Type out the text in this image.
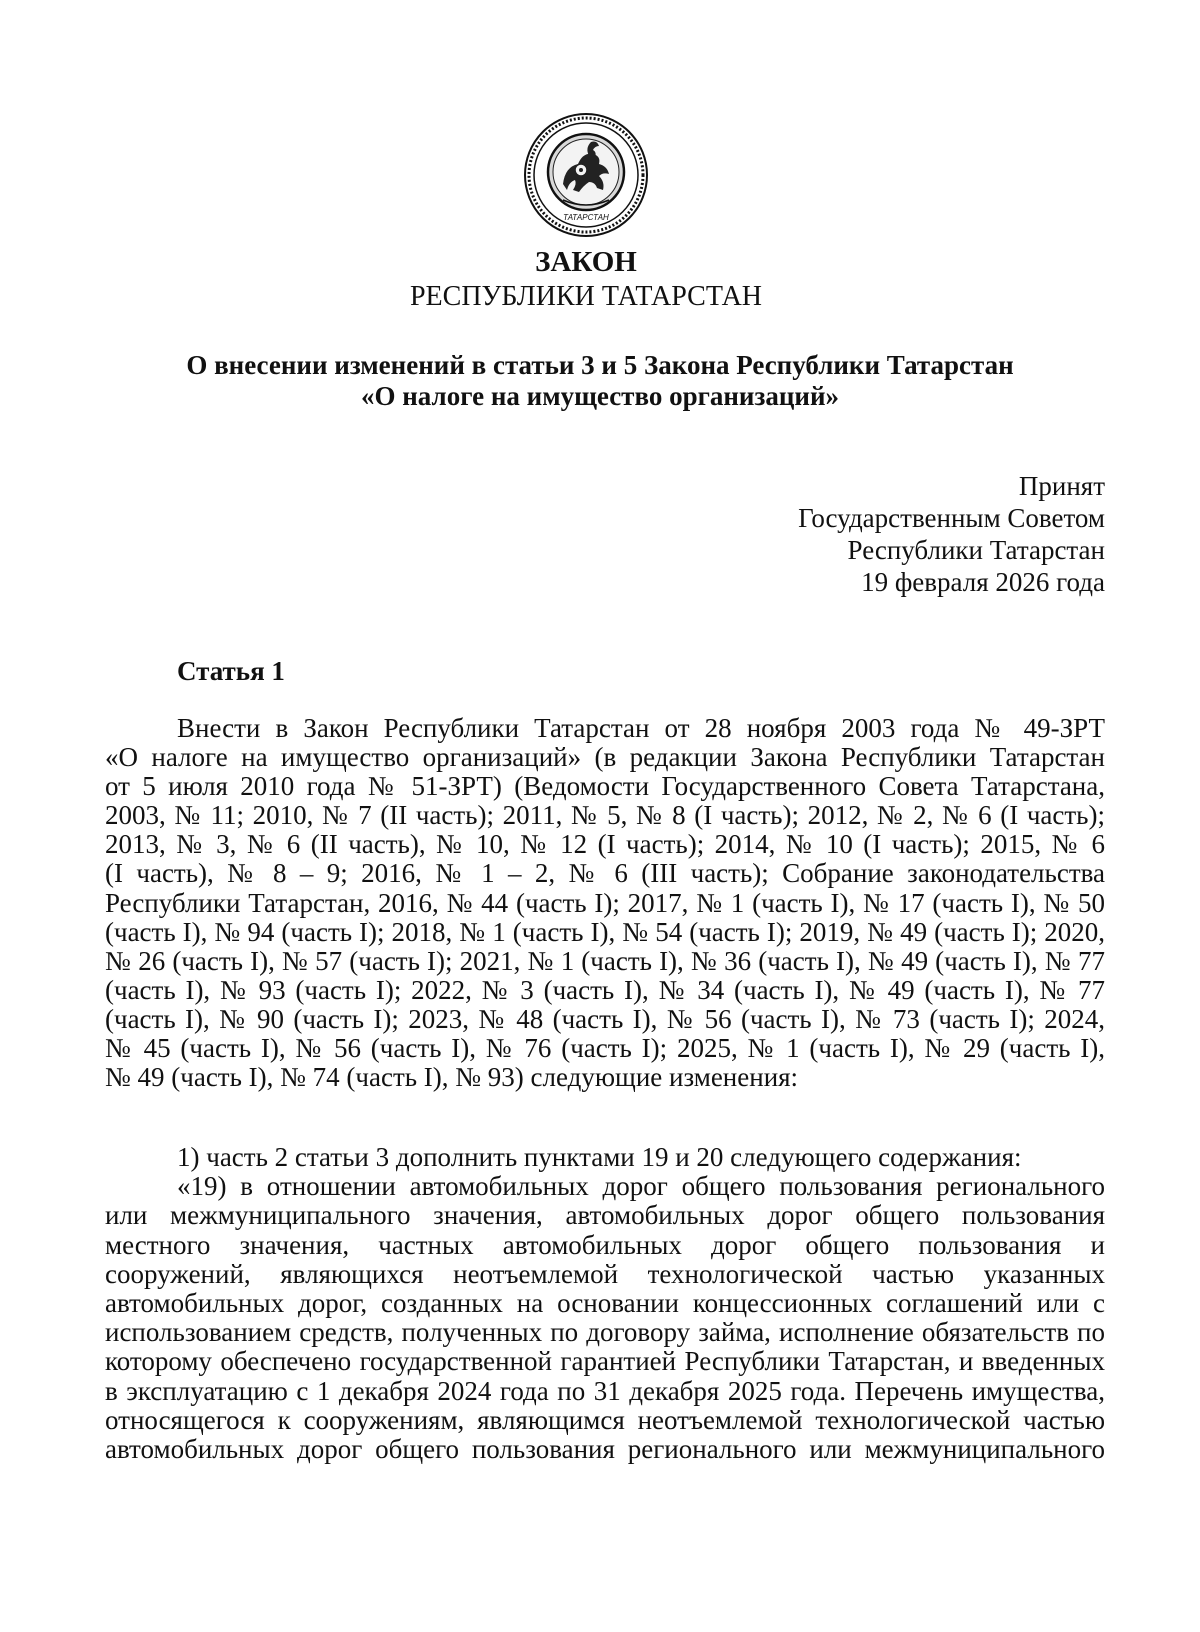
ТАТАРСТАН
ЗАКОН
РЕСПУБЛИКИ ТАТАРСТАН
О внесении изменений в статьи 3 и 5 Закона Республики Татарстан
«О налоге на имущество организаций»
Принят
Государственным Советом
Республики Татарстан
19 февраля 2026 года
Статья 1
Внести в Закон Республики Татарстан от 28 ноября 2003 года № 49-ЗРТ
«О налоге на имущество организаций» (в редакции Закона Республики Татарстан
от 5 июля 2010 года № 51-ЗРТ) (Ведомости Государственного Совета Татарстана,
2003, № 11; 2010, № 7 (II часть); 2011, № 5, № 8 (I часть); 2012, № 2, № 6 (I часть);
2013, № 3, № 6 (II часть), № 10, № 12 (I часть); 2014, № 10 (I часть); 2015, № 6
(I часть), № 8 – 9; 2016, № 1 – 2, № 6 (III часть); Собрание законодательства
Республики Татарстан, 2016, № 44 (часть I); 2017, № 1 (часть I), № 17 (часть I), № 50
(часть I), № 94 (часть I); 2018, № 1 (часть I), № 54 (часть I); 2019, № 49 (часть I); 2020,
№ 26 (часть I), № 57 (часть I); 2021, № 1 (часть I), № 36 (часть I), № 49 (часть I), № 77
(часть I), № 93 (часть I); 2022, № 3 (часть I), № 34 (часть I), № 49 (часть I), № 77
(часть I), № 90 (часть I); 2023, № 48 (часть I), № 56 (часть I), № 73 (часть I); 2024,
№ 45 (часть I), № 56 (часть I), № 76 (часть I); 2025, № 1 (часть I), № 29 (часть I),
№ 49 (часть I), № 74 (часть I), № 93) следующие изменения:
1) часть 2 статьи 3 дополнить пунктами 19 и 20 следующего содержания:
«19) в отношении автомобильных дорог общего пользования регионального
или межмуниципального значения, автомобильных дорог общего пользования
местного значения, частных автомобильных дорог общего пользования и
сооружений, являющихся неотъемлемой технологической частью указанных
автомобильных дорог, созданных на основании концессионных соглашений или с
использованием средств, полученных по договору займа, исполнение обязательств по
которому обеспечено государственной гарантией Республики Татарстан, и введенных
в эксплуатацию с 1 декабря 2024 года по 31 декабря 2025 года. Перечень имущества,
относящегося к сооружениям, являющимся неотъемлемой технологической частью
автомобильных дорог общего пользования регионального или межмуниципального
